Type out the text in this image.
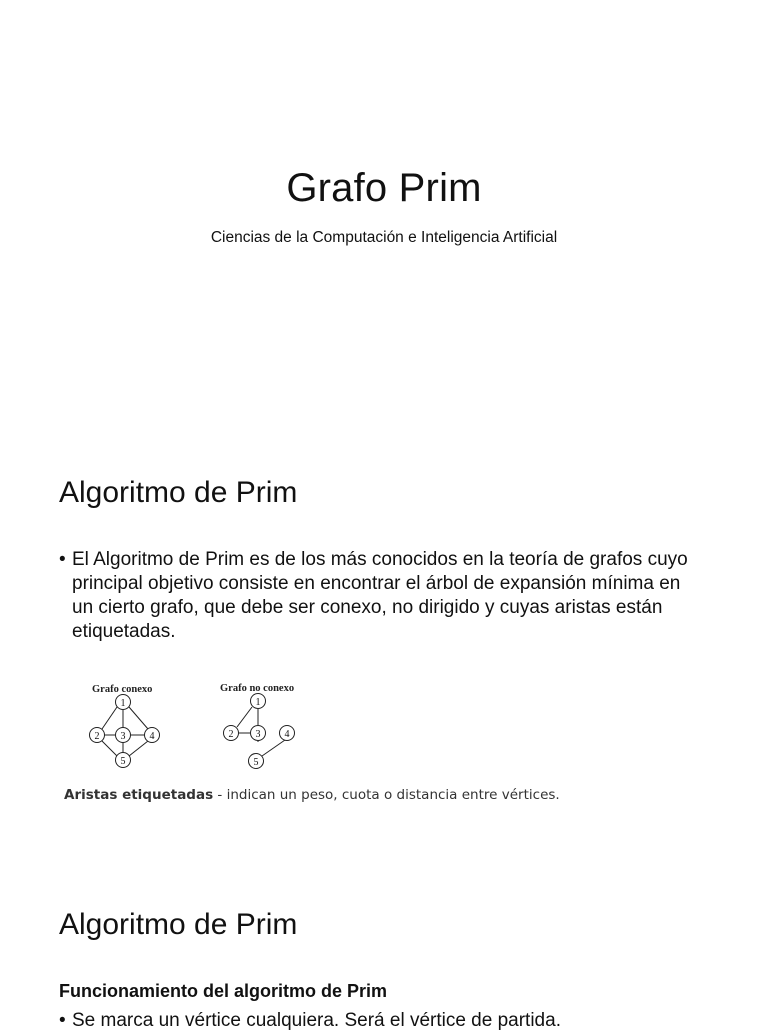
Grafo Prim

Ciencias de la Computación e Inteligencia Artificial

Algoritmo de Prim
• El Algoritmo de Prim es de los más conocidos en la teoría de grafos cuyo principal objetivo consiste en encontrar el árbol de expansión mínima en un cierto grafo, que debe ser conexo, no dirigido y cuyas aristas están etiquetadas.
Grafo conexo
1
2 3 4
5
Grafo no conexo
1
2 3 4
5
Aristas etiquetadas - indican un peso, cuota o distancia entre vértices.
Algoritmo de Prim
Funcionamiento del algoritmo de Prim
• Se marca un vértice cualquiera. Será el vértice de partida.
